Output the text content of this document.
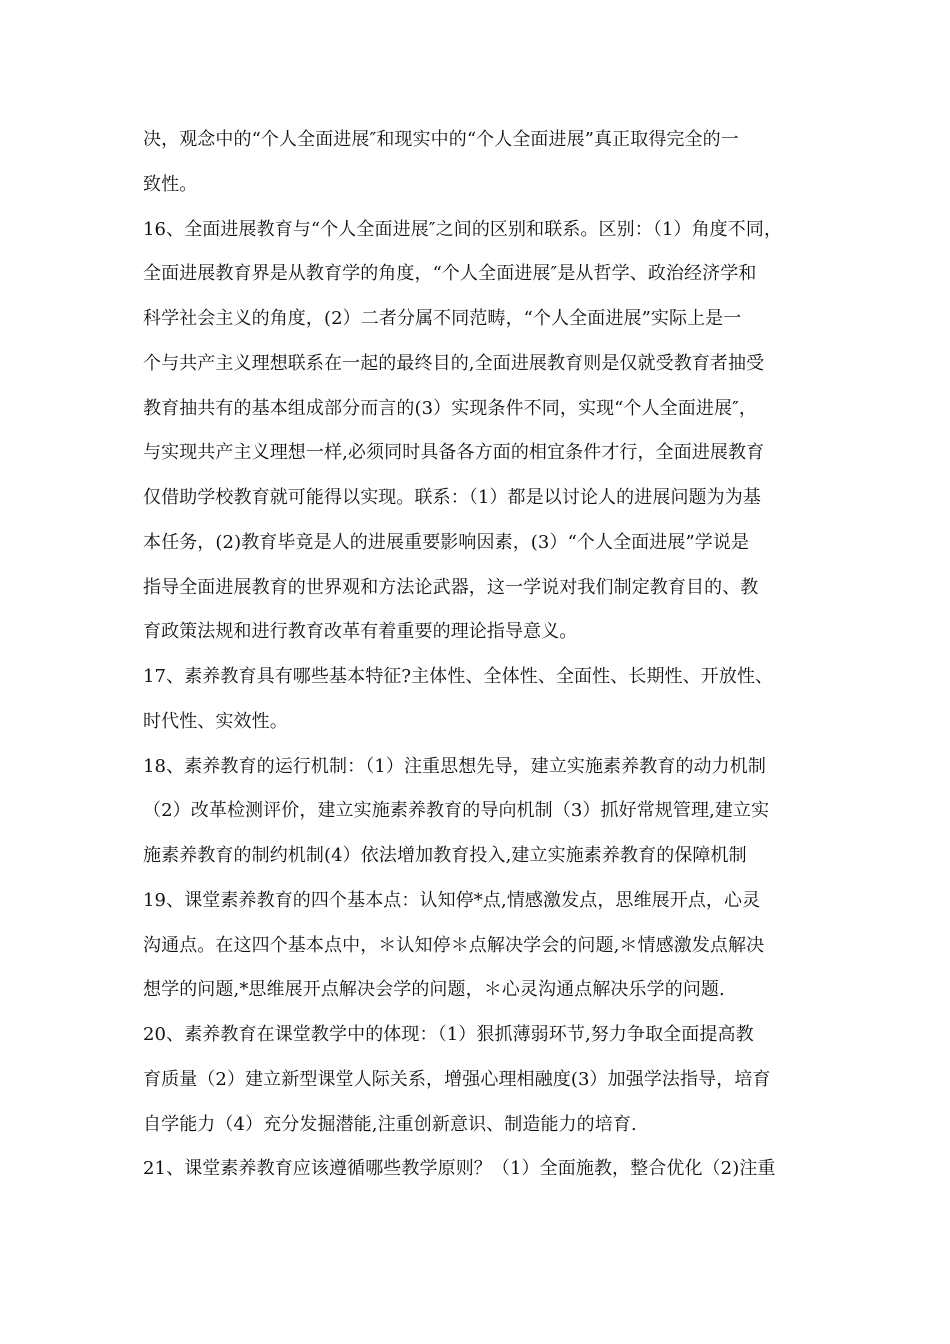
决，观念中的“个人全面进展″和现实中的“个人全面进展”真正取得完全的一
致性。
16、全面进展教育与“个人全面进展″之间的区别和联系。区别：（1）角度不同，
全面进展教育界是从教育学的角度，“个人全面进展″是从哲学、政治经济学和
科学社会主义的角度，(2）二者分属不同范畴，“个人全面进展”实际上是一
个与共产主义理想联系在一起的最终目的,全面进展教育则是仅就受教育者抽受
教育抽共有的基本组成部分而言的(3）实现条件不同，实现“个人全面进展″，
与实现共产主义理想一样,必须同时具备各方面的相宜条件才行，全面进展教育
仅借助学校教育就可能得以实现。联系：（1）都是以讨论人的进展问题为为基
本任务，(2)教育毕竟是人的进展重要影响因素，(3）“个人全面进展”学说是
指导全面进展教育的世界观和方法论武器，这一学说对我们制定教育目的、教
育政策法规和进行教育改革有着重要的理论指导意义。
17、素养教育具有哪些基本特征?主体性、全体性、全面性、长期性、开放性、
时代性、实效性。
18、素养教育的运行机制：（1）注重思想先导，建立实施素养教育的动力机制
（2）改革检测评价，建立实施素养教育的导向机制（3）抓好常规管理,建立实
施素养教育的制约机制(4）依法增加教育投入,建立实施素养教育的保障机制
19、课堂素养教育的四个基本点：认知停*点,情感激发点，思维展开点，心灵
沟通点。在这四个基本点中，＊认知停＊点解决学会的问题,＊情感激发点解决
想学的问题,*思维展开点解决会学的问题，＊心灵沟通点解决乐学的问题.
20、素养教育在课堂教学中的体现：（1）狠抓薄弱环节,努力争取全面提高教
育质量（2）建立新型课堂人际关系，增强心理相融度(3）加强学法指导，培育
自学能力（4）充分发掘潜能,注重创新意识、制造能力的培育.
21、课堂素养教育应该遵循哪些教学原则？（1）全面施教，整合优化（2)注重
